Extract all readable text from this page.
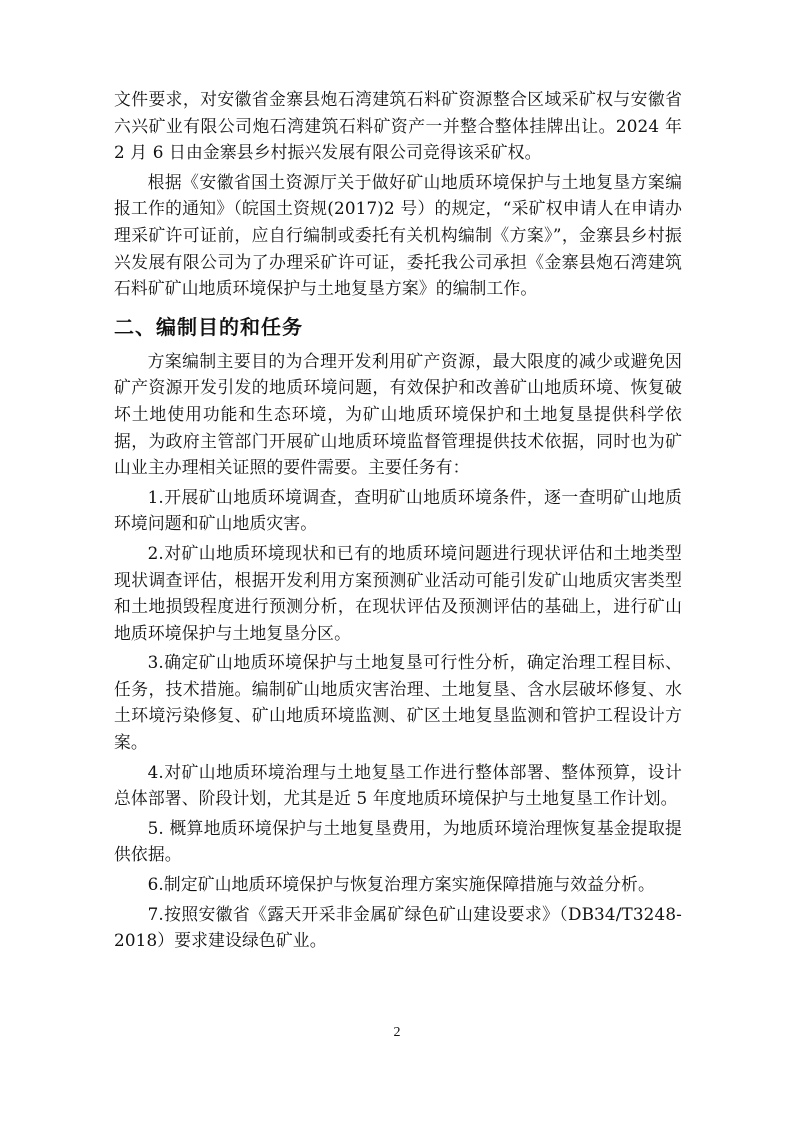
文件要求，对安徽省金寨县炮石湾建筑石料矿资源整合区域采矿权与安徽省六兴矿业有限公司炮石湾建筑石料矿资产一并整合整体挂牌出让。2024 年 2 月 6 日由金寨县乡村振兴发展有限公司竞得该采矿权。

根据《安徽省国土资源厅关于做好矿山地质环境保护与土地复垦方案编报工作的通知》（皖国土资规(2017)2 号）的规定，“采矿权申请人在申请办理采矿许可证前，应自行编制或委托有关机构编制《方案》”，金寨县乡村振兴发展有限公司为了办理采矿许可证，委托我公司承担《金寨县炮石湾建筑石料矿矿山地质环境保护与土地复垦方案》的编制工作。

二、编制目的和任务

方案编制主要目的为合理开发利用矿产资源，最大限度的减少或避免因矿产资源开发引发的地质环境问题，有效保护和改善矿山地质环境、恢复破坏土地使用功能和生态环境，为矿山地质环境保护和土地复垦提供科学依据，为政府主管部门开展矿山地质环境监督管理提供技术依据，同时也为矿山业主办理相关证照的要件需要。主要任务有：

1.开展矿山地质环境调查，查明矿山地质环境条件，逐一查明矿山地质环境问题和矿山地质灾害。

2.对矿山地质环境现状和已有的地质环境问题进行现状评估和土地类型现状调查评估，根据开发利用方案预测矿业活动可能引发矿山地质灾害类型和土地损毁程度进行预测分析，在现状评估及预测评估的基础上，进行矿山地质环境保护与土地复垦分区。

3.确定矿山地质环境保护与土地复垦可行性分析，确定治理工程目标、任务，技术措施。编制矿山地质灾害治理、土地复垦、含水层破坏修复、水土环境污染修复、矿山地质环境监测、矿区土地复垦监测和管护工程设计方案。

4.对矿山地质环境治理与土地复垦工作进行整体部署、整体预算，设计总体部署、阶段计划，尤其是近 5 年度地质环境保护与土地复垦工作计划。

5. 概算地质环境保护与土地复垦费用，为地质环境治理恢复基金提取提供依据。

6.制定矿山地质环境保护与恢复治理方案实施保障措施与效益分析。

7.按照安徽省《露天开采非金属矿绿色矿山建设要求》（DB34/T3248-2018）要求建设绿色矿业。

2
